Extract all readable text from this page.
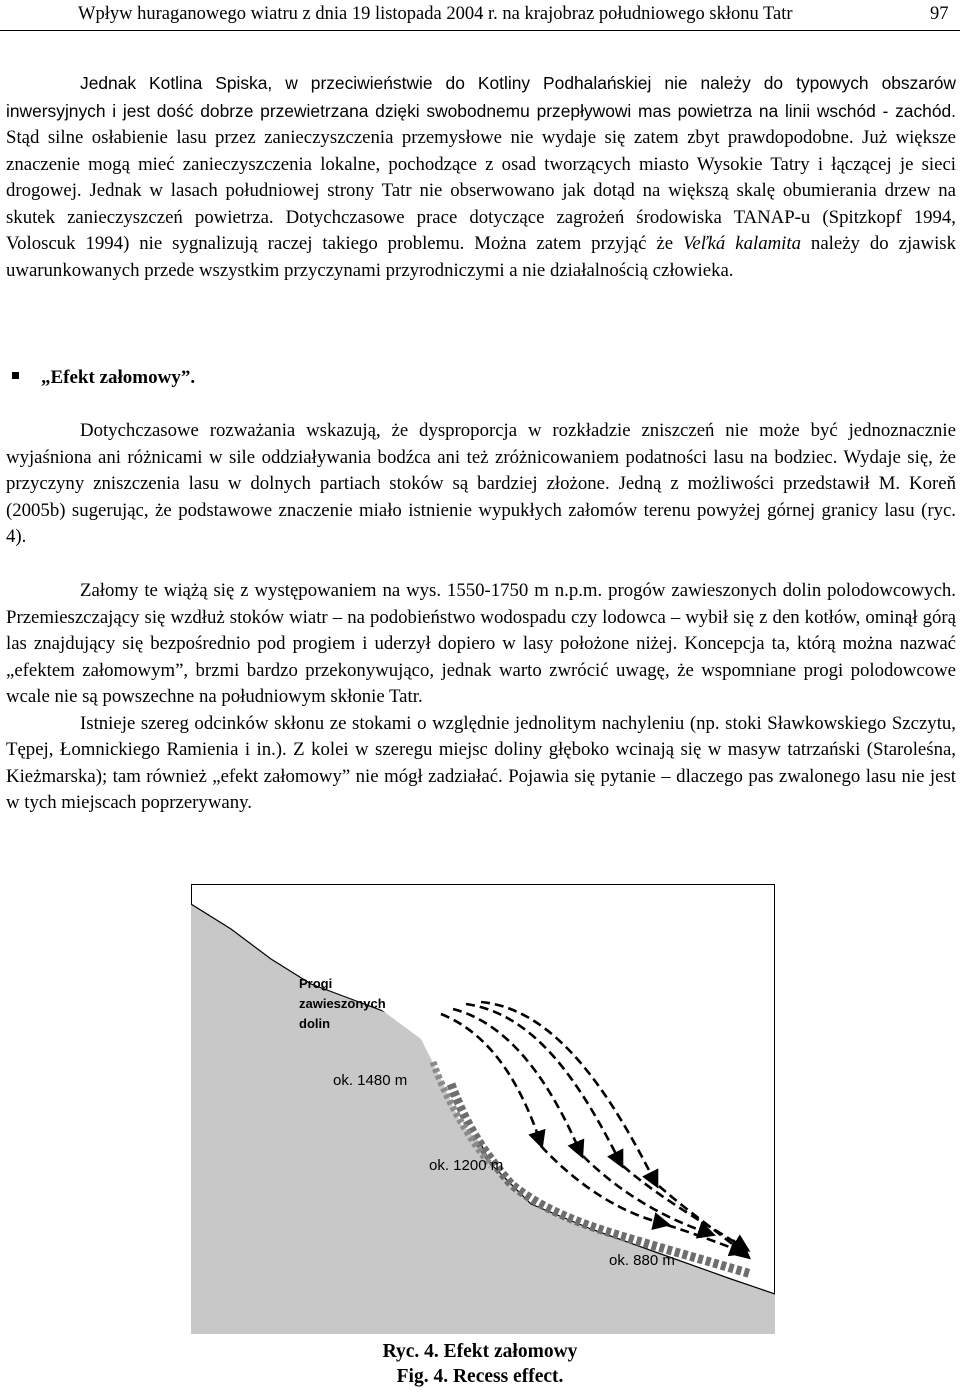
Wpływ huraganowego wiatru z dnia 19 listopada 2004 r. na krajobraz południowego skłonu Tatr	97

Jednak Kotlina Spiska, w przeciwieństwie do Kotliny Podhalańskiej nie należy do typowych obszarów inwersyjnych i jest dość dobrze przewietrzana dzięki swobodnemu przepływowi mas powietrza na linii wschód - zachód. Stąd silne osłabienie lasu przez zanieczyszczenia przemysłowe nie wydaje się zatem zbyt prawdopodobne. Już większe znaczenie mogą mieć zanieczyszczenia lokalne, pochodzące z osad tworzących miasto Wysokie Tatry i łączącej je sieci drogowej. Jednak w lasach południowej strony Tatr nie obserwowano jak dotąd na większą skalę obumierania drzew na skutek zanieczyszczeń powietrza. Dotychczasowe prace dotyczące zagrożeń środowiska TANAP-u (Spitzkopf 1994, Voloscuk 1994) nie sygnalizują raczej takiego problemu. Można zatem przyjąć że Veľká kalamita należy do zjawisk uwarunkowanych przede wszystkim przyczynami przyrodniczymi a nie działalnością człowieka.

„Efekt załomowy”.

Dotychczasowe rozważania wskazują, że dysproporcja w rozkładzie zniszczeń nie może być jednoznacznie wyjaśniona ani różnicami w sile oddziaływania bodźca ani też zróżnicowaniem podatności lasu na bodziec. Wydaje się, że przyczyny zniszczenia lasu w dolnych partiach stoków są bardziej złożone. Jedną z możliwości przedstawił M. Koreň (2005b) sugerując, że podstawowe znaczenie miało istnienie wypukłych załomów terenu powyżej górnej granicy lasu (ryc. 4).

Załomy te wiążą się z występowaniem na wys. 1550-1750 m n.p.m. progów zawieszonych dolin polodowcowych. Przemieszczający się wzdłuż stoków wiatr – na podobieństwo wodospadu czy lodowca – wybił się z den kotłów, ominął górą las znajdujący się bezpośrednio pod progiem i uderzył dopiero w lasy położone niżej. Koncepcja ta, którą można nazwać „efektem załomowym”, brzmi bardzo przekonywująco, jednak warto zwrócić uwagę, że wspomniane progi polodowcowe wcale nie są powszechne na południowym skłonie Tatr.

Istnieje szereg odcinków skłonu ze stokami o względnie jednolitym nachyleniu (np. stoki Sławkowskiego Szczytu, Tępej, Łomnickiego Ramienia i in.). Z kolei w szeregu miejsc doliny głęboko wcinają się w masyw tatrzański (Staroleśna, Kieżmarska); tam również „efekt załomowy” nie mógł zadziałać. Pojawia się pytanie – dlaczego pas zwalonego lasu nie jest w tych miejscach poprzerywany.

Progi
zawieszonych
dolin
ok. 1480 m
ok. 1200 m
ok. 880 m
Ryc. 4. Efekt załomowy
Fig. 4. Recess effect.
